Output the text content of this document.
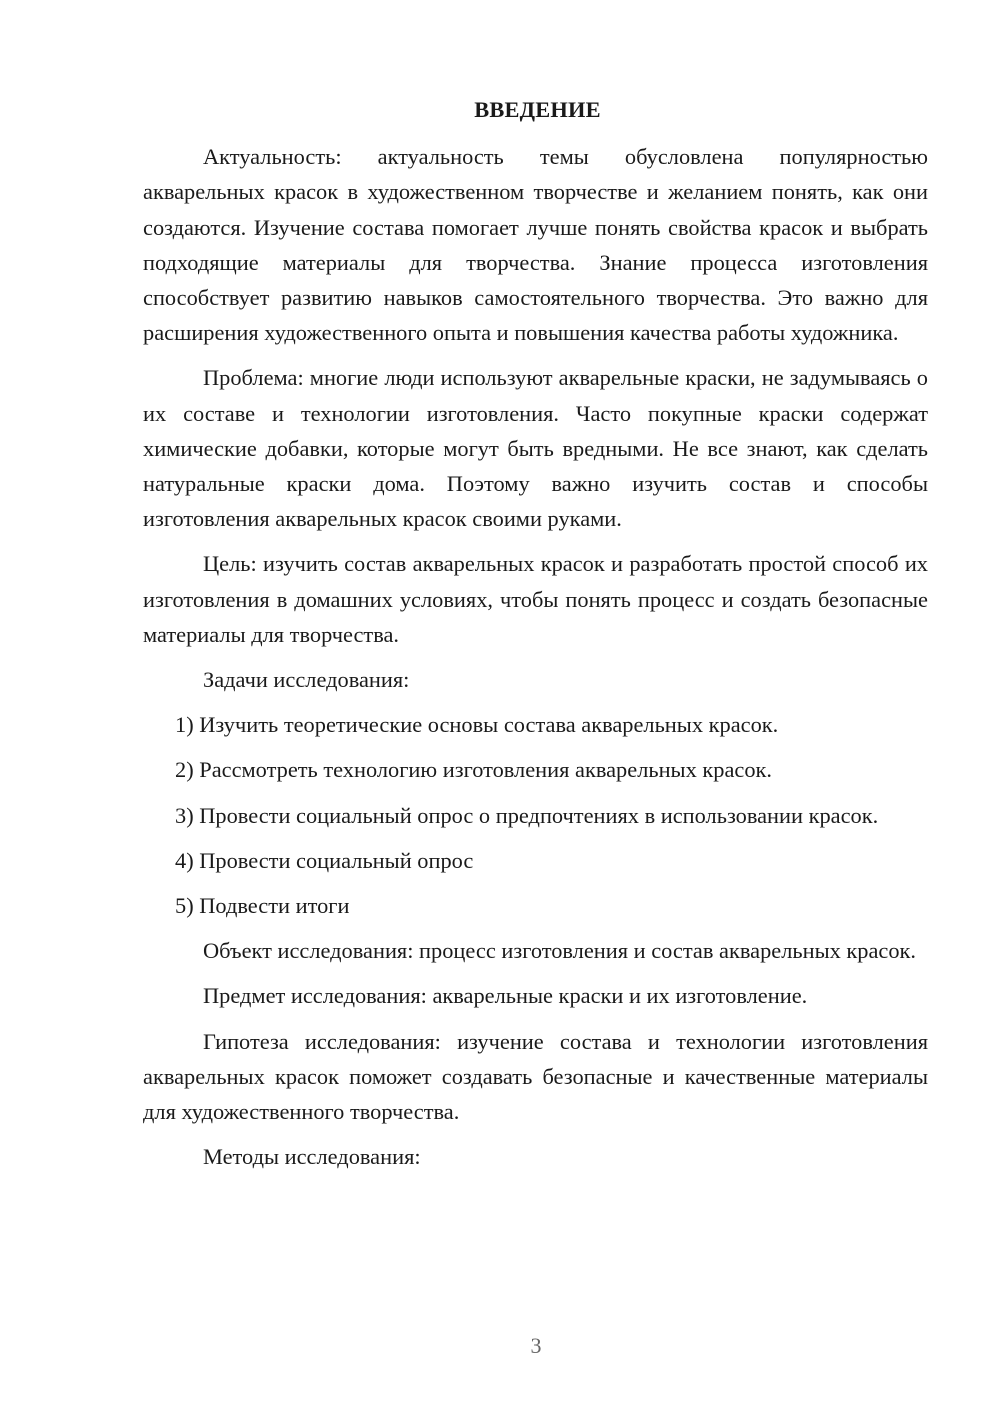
ВВЕДЕНИЕ

Актуальность: актуальность темы обусловлена популярностью акварельных красок в художественном творчестве и желанием понять, как они создаются. Изучение состава помогает лучше понять свойства красок и выбрать подходящие материалы для творчества. Знание процесса изготовления способствует развитию навыков самостоятельного творчества. Это важно для расширения художественного опыта и повышения качества работы художника.

Проблема: многие люди используют акварельные краски, не задумываясь о их составе и технологии изготовления. Часто покупные краски содержат химические добавки, которые могут быть вредными. Не все знают, как сделать натуральные краски дома. Поэтому важно изучить состав и способы изготовления акварельных красок своими руками.

Цель: изучить состав акварельных красок и разработать простой способ их изготовления в домашних условиях, чтобы понять процесс и создать безопасные материалы для творчества.

Задачи исследования:

1) Изучить теоретические основы состава акварельных красок.

2) Рассмотреть технологию изготовления акварельных красок.

3) Провести социальный опрос о предпочтениях в использовании красок.

4) Провести социальный опрос

5) Подвести итоги

Объект исследования: процесс изготовления и состав акварельных красок.

Предмет исследования: акварельные краски и их изготовление.

Гипотеза исследования: изучение состава и технологии изготовления акварельных красок поможет создавать безопасные и качественные материалы для художественного творчества.

Методы исследования:

3
